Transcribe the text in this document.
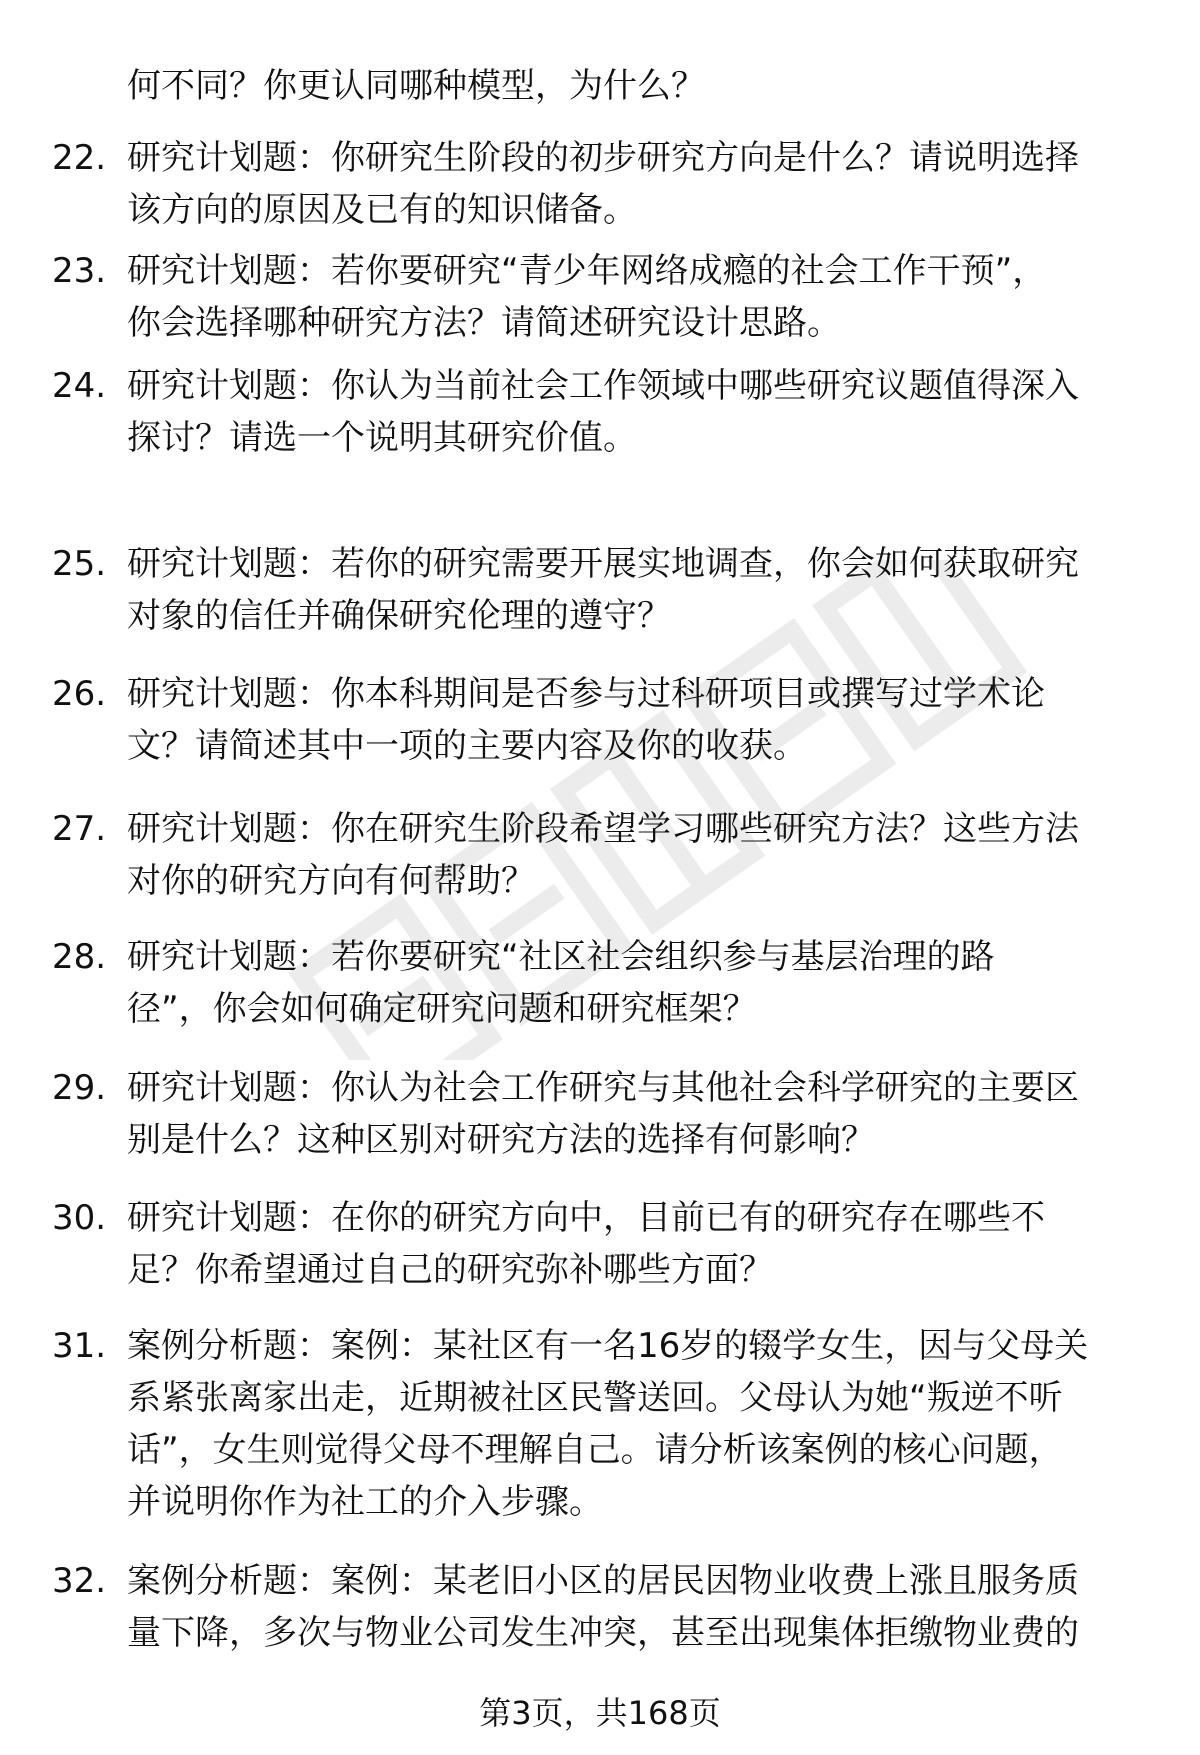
何不同？你更认同哪种模型，为什么？
22. 研究计划题：你研究生阶段的初步研究方向是什么？请说明选择
该方向的原因及已有的知识储备。
23. 研究计划题：若你要研究“青少年网络成瘾的社会工作干预”，
你会选择哪种研究方法？请简述研究设计思路。
24. 研究计划题：你认为当前社会工作领域中哪些研究议题值得深入
探讨？请选一个说明其研究价值。
25. 研究计划题：若你的研究需要开展实地调查，你会如何获取研究
对象的信任并确保研究伦理的遵守？
26. 研究计划题：你本科期间是否参与过科研项目或撰写过学术论
文？请简述其中一项的主要内容及你的收获。
27. 研究计划题：你在研究生阶段希望学习哪些研究方法？这些方法
对你的研究方向有何帮助？
28. 研究计划题：若你要研究“社区社会组织参与基层治理的路
径”，你会如何确定研究问题和研究框架？
29. 研究计划题：你认为社会工作研究与其他社会科学研究的主要区
别是什么？这种区别对研究方法的选择有何影响？
30. 研究计划题：在你的研究方向中，目前已有的研究存在哪些不
足？你希望通过自己的研究弥补哪些方面？
31. 案例分析题：案例：某社区有一名16岁的辍学女生，因与父母关
系紧张离家出走，近期被社区民警送回。父母认为她“叛逆不听
话”，女生则觉得父母不理解自己。请分析该案例的核心问题，
并说明你作为社工的介入步骤。
32. 案例分析题：案例：某老旧小区的居民因物业收费上涨且服务质
量下降，多次与物业公司发生冲突，甚至出现集体拒缴物业费的
第3页，共168页
